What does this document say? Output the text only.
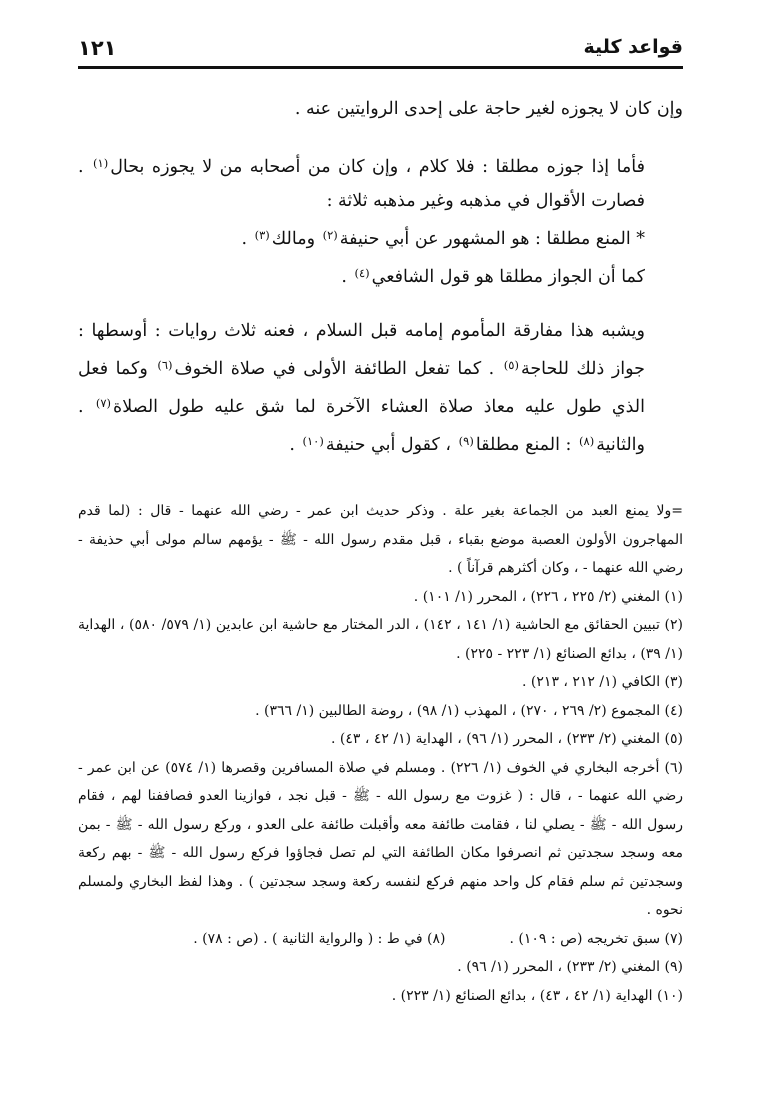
قواعد كلية
١٢١

وإن كان لا يجوزه لغير حاجة على إحدى الروايتين عنه .

فأما إذا جوزه مطلقا : فلا كلام ، وإن كان من أصحابه من لا يجوزه بحال$^{(١)}$ . فصارت الأقوال في مذهبه وغير مذهبه ثلاثة :

* المنع مطلقا : هو المشهور عن أبي حنيفة$^{(٢)}$ ومالك$^{(٣)}$ .

كما أن الجواز مطلقا هو قول الشافعي$^{(٤)}$ .

ويشبه هذا مفارقة المأموم إمامه قبل السلام ، فعنه ثلاث روايات : أوسطها : جواز ذلك للحاجة$^{(٥)}$ . كما تفعل الطائفة الأولى في صلاة الخوف$^{(٦)}$ وكما فعل الذي طول عليه معاذ صلاة العشاء الآخرة لما شق عليه طول الصلاة$^{(٧)}$ . والثانية$^{(٨)}$ : المنع مطلقا$^{(٩)}$ ، كقول أبي حنيفة$^{(١٠)}$ .

=ولا يمنع العبد من الجماعة بغير علة . وذكر حديث ابن عمر - رضي الله عنهما - قال : (لما قدم المهاجرون الأولون العصبة موضع بقباء ، قبل مقدم رسول الله - ﷺ - يؤمهم سالم مولى أبي حذيفة - رضي الله عنهما - ، وكان أكثرهم قرآناً ) .

(١) المغني (٢/ ٢٢٥ ، ٢٢٦) ، المحرر (١/ ١٠١) .

(٢) تبيين الحقائق مع الحاشية (١/ ١٤١ ، ١٤٢) ، الدر المختار مع حاشية ابن عابدين (١/ ٥٧٩/ ٥٨٠) ، الهداية (١/ ٣٩) ، بدائع الصنائع (١/ ٢٢٣ - ٢٢٥) .

(٣) الكافي (١/ ٢١٢ ، ٢١٣) .

(٤) المجموع (٢/ ٢٦٩ ، ٢٧٠) ، المهذب (١/ ٩٨) ، روضة الطالبين (١/ ٣٦٦) .

(٥) المغني (٢/ ٢٣٣) ، المحرر (١/ ٩٦) ، الهداية (١/ ٤٢ ، ٤٣) .

(٦) أخرجه البخاري في الخوف (١/ ٢٢٦) . ومسلم في صلاة المسافرين وقصرها (١/ ٥٧٤) عن ابن عمر - رضي الله عنهما - ، قال : ( غزوت مع رسول الله - ﷺ - قبل نجد ، فوازينا العدو فصاففنا لهم ، فقام رسول الله - ﷺ - يصلي لنا ، فقامت طائفة معه وأقبلت طائفة على العدو ، وركع رسول الله - ﷺ - بمن معه وسجد سجدتين ثم انصرفوا مكان الطائفة التي لم تصل فجاؤوا فركع رسول الله - ﷺ - بهم ركعة وسجدتين ثم سلم فقام كل واحد منهم فركع لنفسه ركعة وسجد سجدتين ) . وهذا لفظ البخاري ولمسلم نحوه .

(٧) سبق تخريجه (ص : ١٠٩) .
(٨) في ط : ( والرواية الثانية ) . (ص : ٧٨) .

(٩) المغني (٢/ ٢٣٣) ، المحرر (١/ ٩٦) .

(١٠) الهداية (١/ ٤٢ ، ٤٣) ، بدائع الصنائع (١/ ٢٢٣) .
